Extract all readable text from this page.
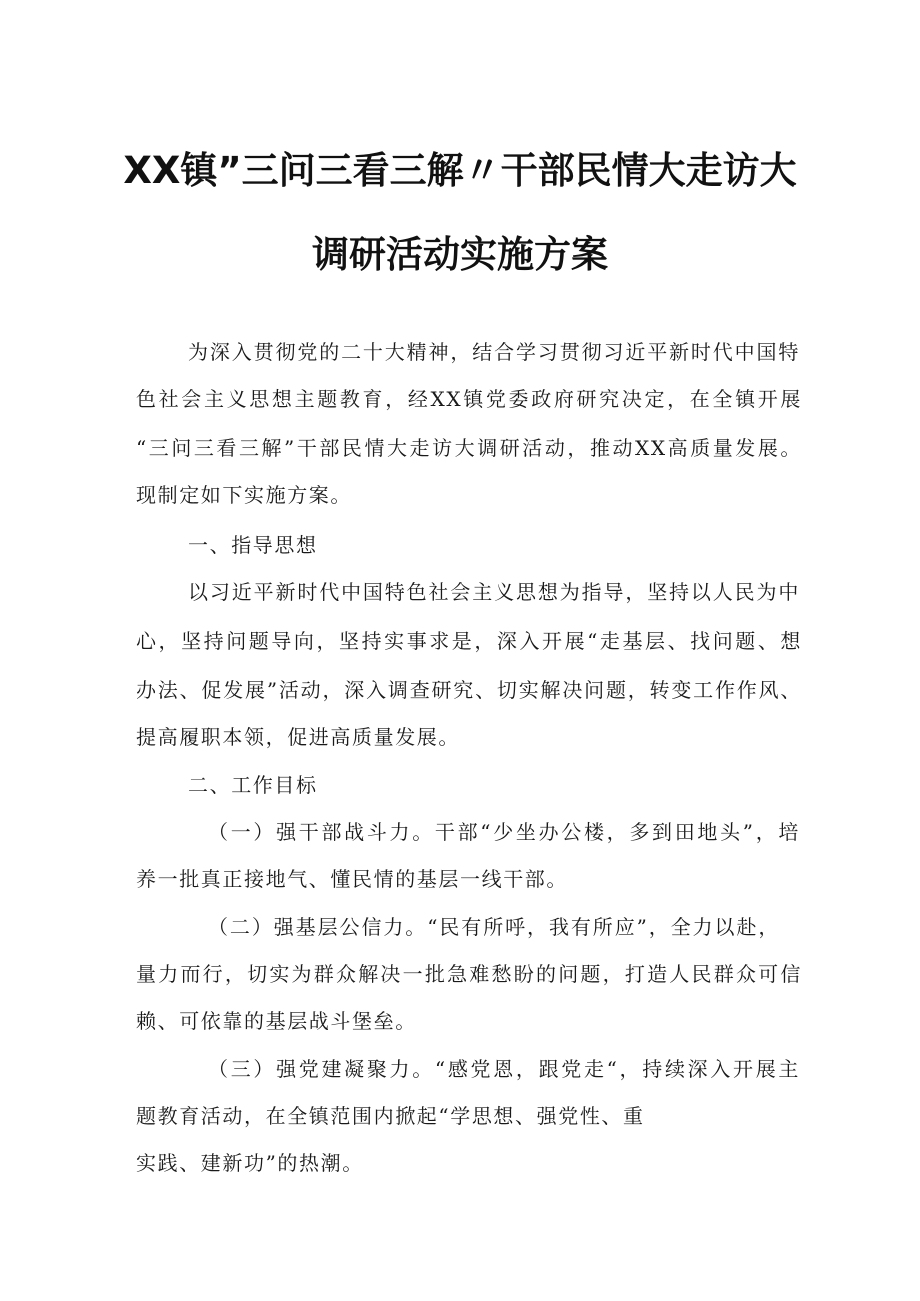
XX镇”三问三看三解〃干部民情大走访大
调研活动实施方案
为深入贯彻党的二十大精神，结合学习贯彻习近平新时代中国特
色社会主义思想主题教育，经XX镇党委政府研究决定，在全镇开展
“三问三看三解”干部民情大走访大调研活动，推动XX高质量发展。
现制定如下实施方案。
一、指导思想
以习近平新时代中国特色社会主义思想为指导，坚持以人民为中
心，坚持问题导向，坚持实事求是，深入开展“走基层、找问题、想
办法、促发展”活动，深入调查研究、切实解决问题，转变工作作风、
提高履职本领，促进高质量发展。
二、工作目标
（一）强干部战斗力。干部“少坐办公楼，多到田地头”，培
养一批真正接地气、懂民情的基层一线干部。
（二）强基层公信力。“民有所呼，我有所应”，全力以赴，
量力而行，切实为群众解决一批急难愁盼的问题，打造人民群众可信
赖、可依靠的基层战斗堡垒。
（三）强党建凝聚力。“感党恩，跟党走“，持续深入开展主
题教育活动，在全镇范围内掀起“学思想、强党性、重
实践、建新功”的热潮。
